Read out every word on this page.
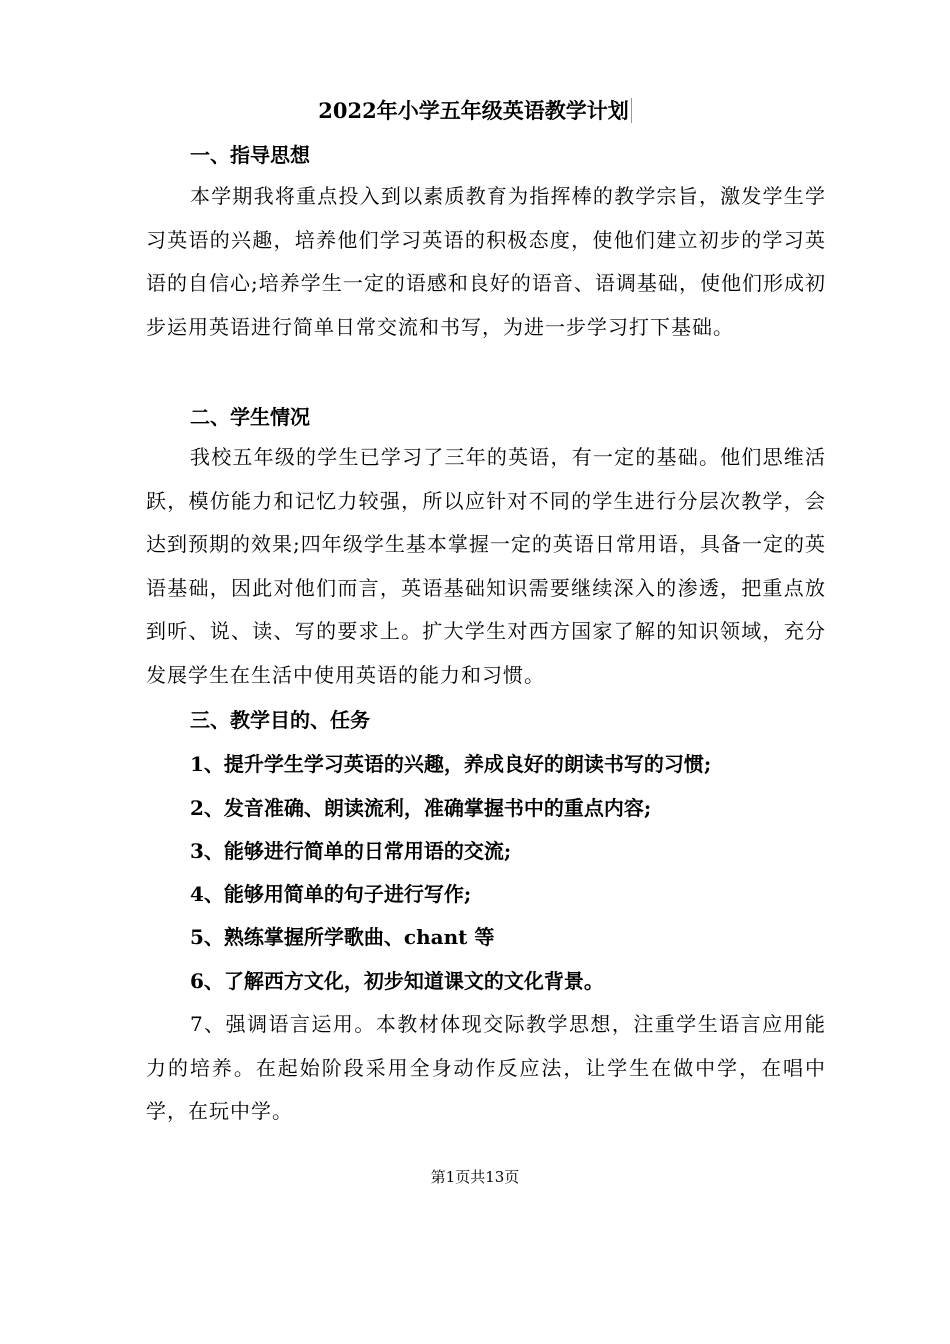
2022年小学五年级英语教学计划
一、指导思想
本学期我将重点投入到以素质教育为指挥棒的教学宗旨，激发学生学习英语的兴趣，培养他们学习英语的积极态度，使他们建立初步的学习英语的自信心;培养学生一定的语感和良好的语音、语调基础，使他们形成初步运用英语进行简单日常交流和书写，为进一步学习打下基础。
二、学生情况
我校五年级的学生已学习了三年的英语，有一定的基础。他们思维活跃，模仿能力和记忆力较强，所以应针对不同的学生进行分层次教学，会达到预期的效果;四年级学生基本掌握一定的英语日常用语，具备一定的英语基础，因此对他们而言，英语基础知识需要继续深入的渗透，把重点放到听、说、读、写的要求上。扩大学生对西方国家了解的知识领域，充分发展学生在生活中使用英语的能力和习惯。
三、教学目的、任务
1、提升学生学习英语的兴趣，养成良好的朗读书写的习惯;
2、发音准确、朗读流利，准确掌握书中的重点内容;
3、能够进行简单的日常用语的交流;
4、能够用简单的句子进行写作;
5、熟练掌握所学歌曲、chant 等
6、了解西方文化，初步知道课文的文化背景。
7、强调语言运用。本教材体现交际教学思想，注重学生语言应用能力的培养。在起始阶段采用全身动作反应法，让学生在做中学，在唱中学，在玩中学。
第1页共13页
